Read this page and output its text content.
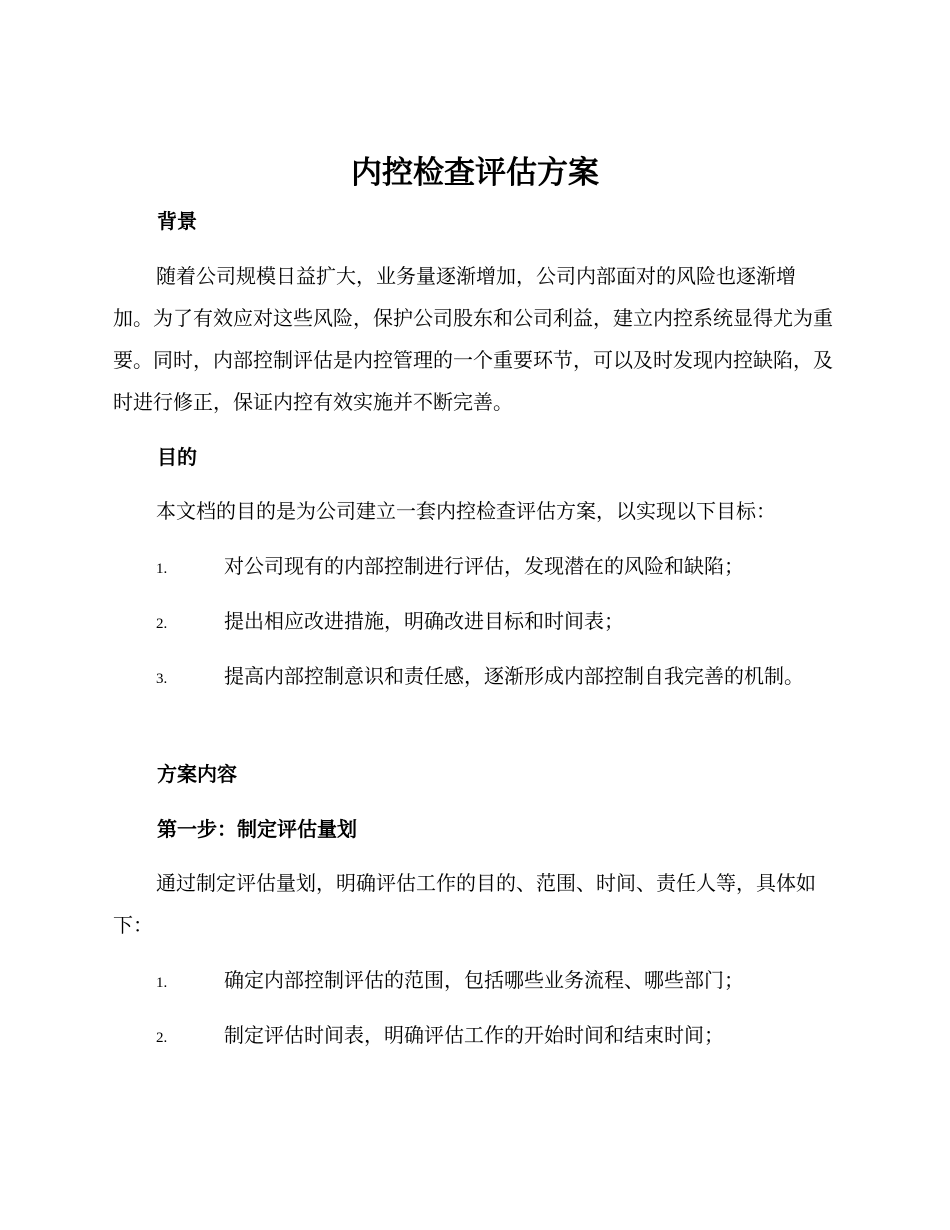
内控检查评估方案
背景

随着公司规模日益扩大，业务量逐渐增加，公司内部面对的风险也逐渐增加。为了有效应对这些风险，保护公司股东和公司利益，建立内控系统显得尤为重要。同时，内部控制评估是内控管理的一个重要环节，可以及时发现内控缺陷，及时进行修正，保证内控有效实施并不断完善。

目的

本文档的目的是为公司建立一套内控检查评估方案，以实现以下目标：

1.	对公司现有的内部控制进行评估，发现潜在的风险和缺陷；

2.	提出相应改进措施，明确改进目标和时间表；

3.	提高内部控制意识和责任感，逐渐形成内部控制自我完善的机制。

方案内容
第一步：制定评估量划

通过制定评估量划，明确评估工作的目的、范围、时间、责任人等，具体如下：

1.	确定内部控制评估的范围，包括哪些业务流程、哪些部门；

2.	制定评估时间表，明确评估工作的开始时间和结束时间；
